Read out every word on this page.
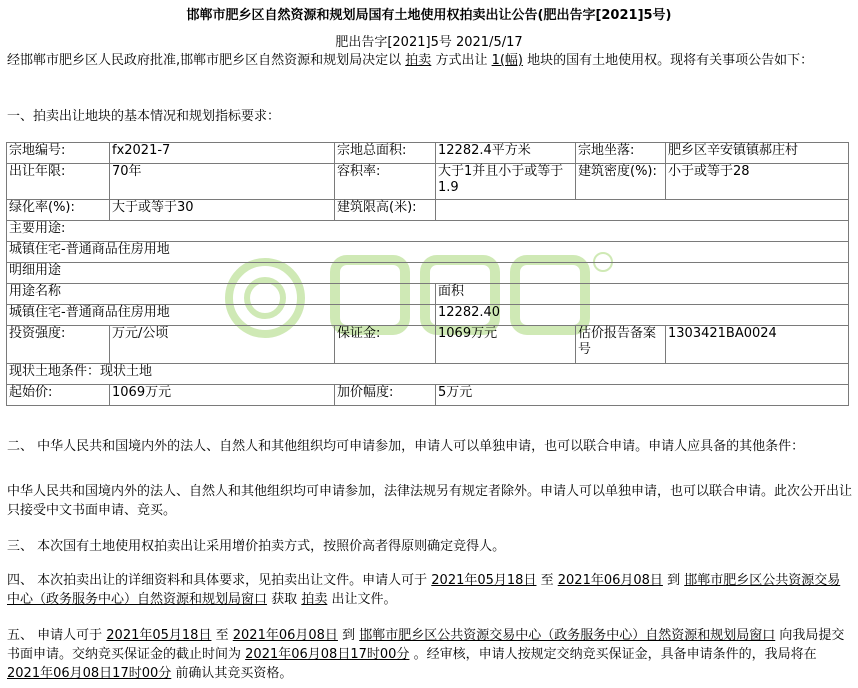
邯郸市肥乡区自然资源和规划局国有土地使用权拍卖出让公告(肥出告字[2021]5号)
肥出告字[2021]5号 2021/5/17
经邯郸市肥乡区人民政府批准,邯郸市肥乡区自然资源和规划局决定以 拍卖 方式出让 1(幅) 地块的国有土地使用权。现将有关事项公告如下：
一、拍卖出让地块的基本情况和规划指标要求：
宗地编号:	fx2021-7	宗地总面积:	12282.4平方米	宗地坐落:	肥乡区辛安镇镇郝庄村
出让年限:	70年	容积率:	大于1并且小于或等于1.9	建筑密度(%):	小于或等于28
绿化率(%):	大于或等于30	建筑限高(米):			
主要用途:					
城镇住宅-普通商品住房用地					
明细用途					
用途名称			面积		
城镇住宅-普通商品住房用地			12282.40		
投资强度:	万元/公顷	保证金:	1069万元	估价报告备案号	1303421BA0024
现状土地条件：现状土地					
起始价:	1069万元	加价幅度:	5万元		
二、 中华人民共和国境内外的法人、自然人和其他组织均可申请参加，申请人可以单独申请，也可以联合申请。申请人应具备的其他条件：
中华人民共和国境内外的法人、自然人和其他组织均可申请参加，法律法规另有规定者除外。申请人可以单独申请，也可以联合申请。此次公开出让只接受中文书面申请、竞买。
三、 本次国有土地使用权拍卖出让采用增价拍卖方式，按照价高者得原则确定竞得人。
四、 本次拍卖出让的详细资料和具体要求，见拍卖出让文件。申请人可于 2021年05月18日 至 2021年06月08日 到 邯郸市肥乡区公共资源交易中心（政务服务中心）自然资源和规划局窗口 获取 拍卖 出让文件。
五、 申请人可于 2021年05月18日 至 2021年06月08日 到 邯郸市肥乡区公共资源交易中心（政务服务中心）自然资源和规划局窗口 向我局提交书面申请。交纳竞买保证金的截止时间为 2021年06月08日17时00分 。经审核，申请人按规定交纳竞买保证金，具备申请条件的，我局将在 2021年06月08日17时00分 前确认其竞买资格。
